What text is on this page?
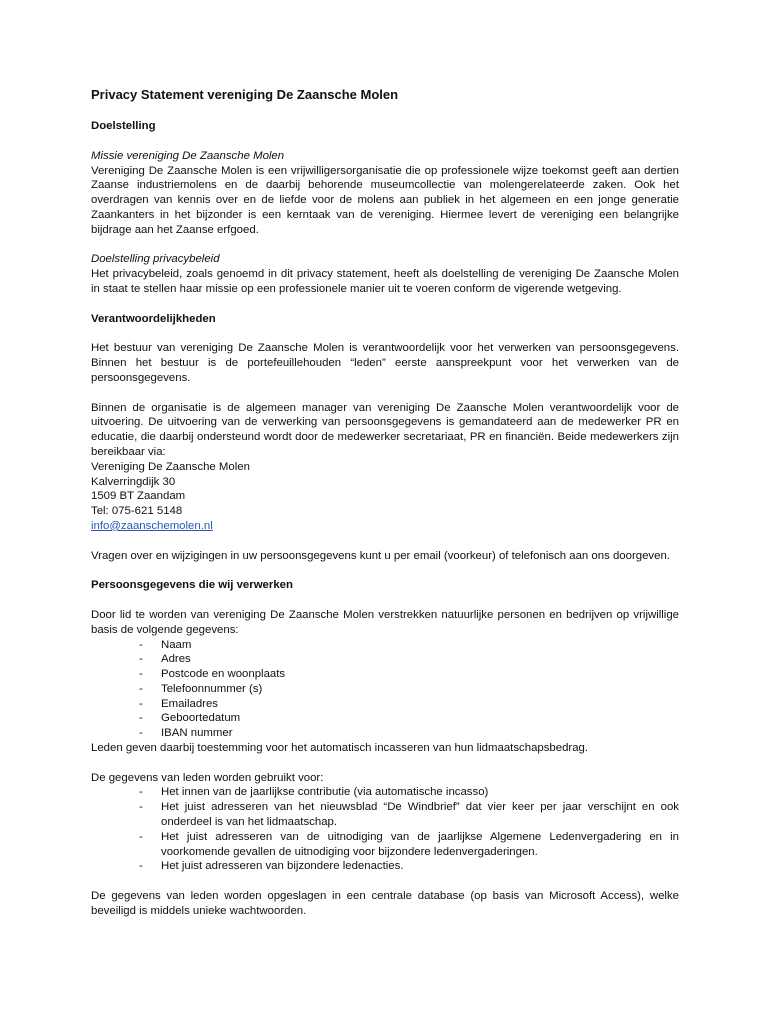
Privacy Statement vereniging De Zaansche Molen
Doelstelling

Missie vereniging De Zaansche Molen

Vereniging De Zaansche Molen is een vrijwilligersorganisatie die op professionele wijze toekomst geeft aan dertien Zaanse industriemolens en de daarbij behorende museumcollectie van molengerelateerde zaken. Ook het overdragen van kennis over en de liefde voor de molens aan publiek in het algemeen en een jonge generatie Zaankanters in het bijzonder is een kerntaak van de vereniging. Hiermee levert de vereniging een belangrijke bijdrage aan het Zaanse erfgoed.

Doelstelling privacybeleid

Het privacybeleid, zoals genoemd in dit privacy statement, heeft als doelstelling de vereniging De Zaansche Molen in staat te stellen haar missie op een professionele manier uit te voeren conform de vigerende wetgeving.

Verantwoordelijkheden

Het bestuur van vereniging De Zaansche Molen is verantwoordelijk voor het verwerken van persoonsgegevens. Binnen het bestuur is de portefeuillehouden “leden” eerste aanspreekpunt voor het verwerken van de persoonsgegevens.

Binnen de organisatie is de algemeen manager van vereniging De Zaansche Molen verantwoordelijk voor de uitvoering. De uitvoering van de verwerking van persoonsgegevens is gemandateerd aan de medewerker PR en educatie, die daarbij ondersteund wordt door de medewerker secretariaat, PR en financiën. Beide medewerkers zijn bereikbaar via:

Vereniging De Zaansche Molen

Kalverringdijk 30

1509 BT Zaandam

Tel: 075-621 5148

info@zaanschemolen.nl

Vragen over en wijzigingen in uw persoonsgegevens kunt u per email (voorkeur) of telefonisch aan ons doorgeven.

Persoonsgegevens die wij verwerken

Door lid te worden van vereniging De Zaansche Molen verstrekken natuurlijke personen en bedrijven op vrijwillige basis de volgende gegevens:

- Naam
- Adres
- Postcode en woonplaats
- Telefoonnummer (s)
- Emailadres
- Geboortedatum
- IBAN nummer

Leden geven daarbij toestemming voor het automatisch incasseren van hun lidmaatschapsbedrag.

De gegevens van leden worden gebruikt voor:

- Het innen van de jaarlijkse contributie (via automatische incasso)
- Het juist adresseren van het nieuwsblad “De Windbrief” dat vier keer per jaar verschijnt en ook onderdeel is van het lidmaatschap.
- Het juist adresseren van de uitnodiging van de jaarlijkse Algemene Ledenvergadering en in voorkomende gevallen de uitnodiging voor bijzondere ledenvergaderingen.
- Het juist adresseren van bijzondere ledenacties.

De gegevens van leden worden opgeslagen in een centrale database (op basis van Microsoft Access), welke beveiligd is middels unieke wachtwoorden.
